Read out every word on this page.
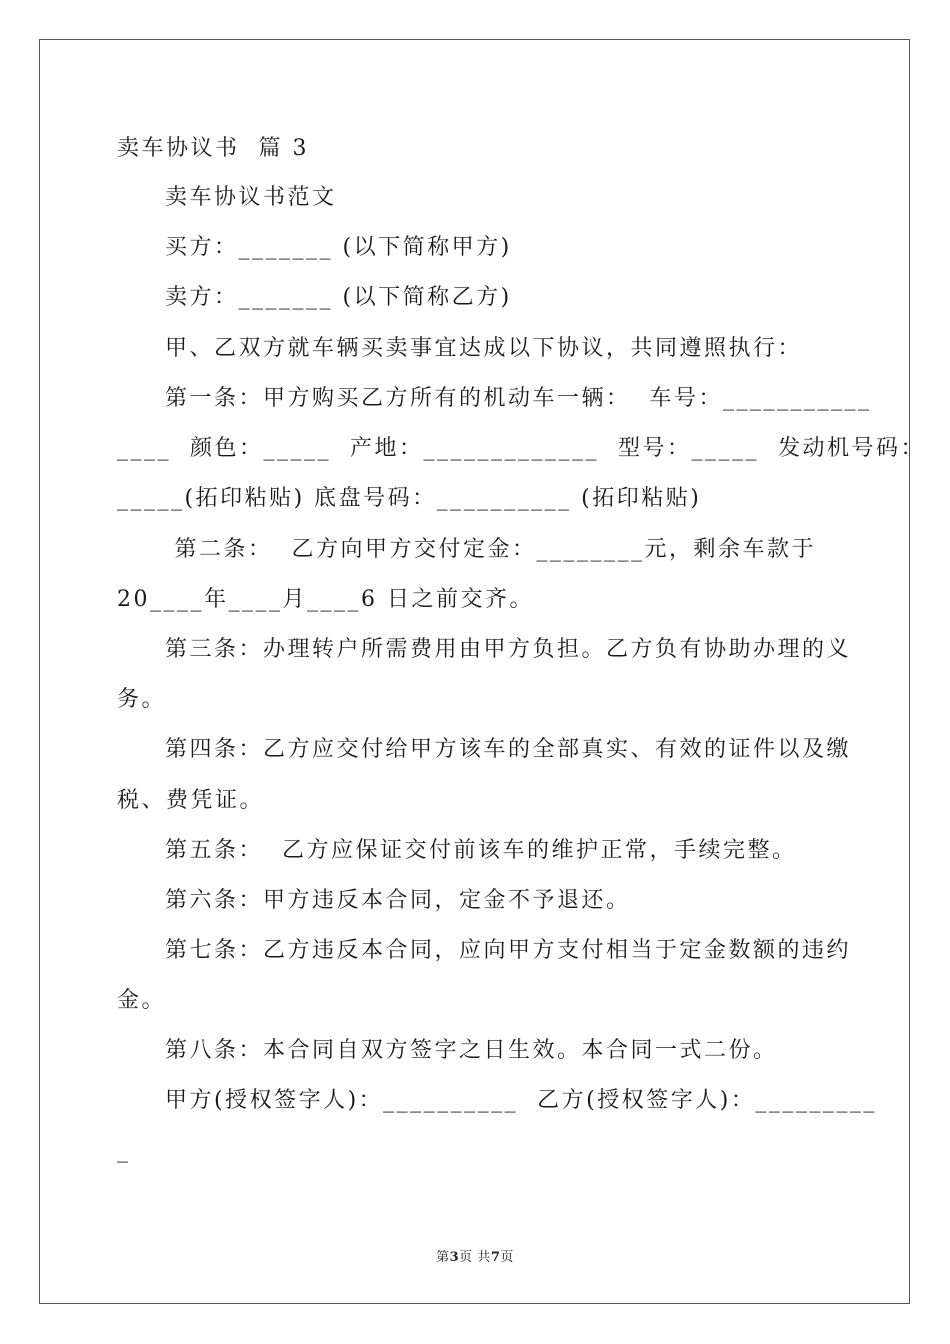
卖车协议书  篇 3
卖车协议书范文
买方：_______ (以下简称甲方)
卖方：_______ (以下简称乙方)
甲、乙双方就车辆买卖事宜达成以下协议，共同遵照执行：
第一条：甲方购买乙方所有的机动车一辆：  车号：___________
____  颜色：_____  产地：_____________  型号：_____  发动机号码：
_____(拓印粘贴) 底盘号码：__________ (拓印粘贴)
第二条：  乙方向甲方交付定金：________元，剩余车款于
20____年____月____6 日之前交齐。
第三条：办理转户所需费用由甲方负担。乙方负有协助办理的义
务。
第四条：乙方应交付给甲方该车的全部真实、有效的证件以及缴
税、费凭证。
第五条：  乙方应保证交付前该车的维护正常，手续完整。
第六条：甲方违反本合同，定金不予退还。
第七条：乙方违反本合同，应向甲方支付相当于定金数额的违约
金。
第八条：本合同自双方签字之日生效。本合同一式二份。
甲方(授权签字人)：__________  乙方(授权签字人)：_________
_
第3页 共7页
